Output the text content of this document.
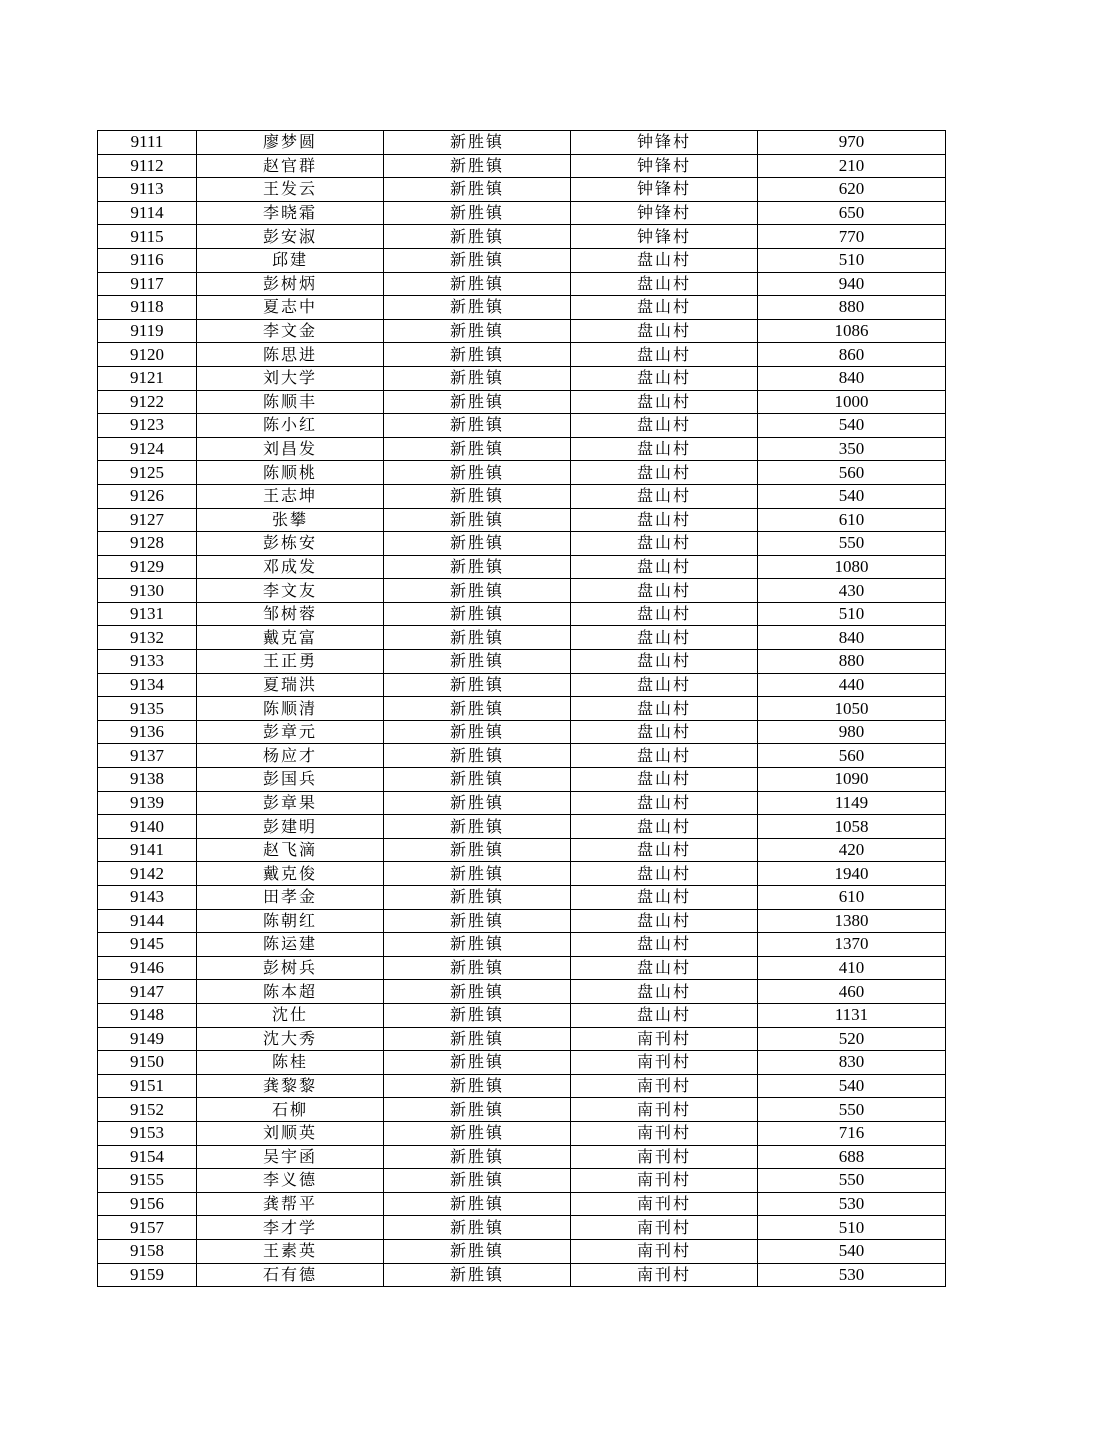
9111	廖梦圆	新胜镇	钟锋村	970
9112	赵官群	新胜镇	钟锋村	210
9113	王发云	新胜镇	钟锋村	620
9114	李晓霜	新胜镇	钟锋村	650
9115	彭安淑	新胜镇	钟锋村	770
9116	邱建	新胜镇	盘山村	510
9117	彭树炳	新胜镇	盘山村	940
9118	夏志中	新胜镇	盘山村	880
9119	李文金	新胜镇	盘山村	1086
9120	陈思进	新胜镇	盘山村	860
9121	刘大学	新胜镇	盘山村	840
9122	陈顺丰	新胜镇	盘山村	1000
9123	陈小红	新胜镇	盘山村	540
9124	刘昌发	新胜镇	盘山村	350
9125	陈顺桃	新胜镇	盘山村	560
9126	王志坤	新胜镇	盘山村	540
9127	张攀	新胜镇	盘山村	610
9128	彭栋安	新胜镇	盘山村	550
9129	邓成发	新胜镇	盘山村	1080
9130	李文友	新胜镇	盘山村	430
9131	邹树蓉	新胜镇	盘山村	510
9132	戴克富	新胜镇	盘山村	840
9133	王正勇	新胜镇	盘山村	880
9134	夏瑞洪	新胜镇	盘山村	440
9135	陈顺清	新胜镇	盘山村	1050
9136	彭章元	新胜镇	盘山村	980
9137	杨应才	新胜镇	盘山村	560
9138	彭国兵	新胜镇	盘山村	1090
9139	彭章果	新胜镇	盘山村	1149
9140	彭建明	新胜镇	盘山村	1058
9141	赵飞滴	新胜镇	盘山村	420
9142	戴克俊	新胜镇	盘山村	1940
9143	田孝金	新胜镇	盘山村	610
9144	陈朝红	新胜镇	盘山村	1380
9145	陈运建	新胜镇	盘山村	1370
9146	彭树兵	新胜镇	盘山村	410
9147	陈本超	新胜镇	盘山村	460
9148	沈仕	新胜镇	盘山村	1131
9149	沈大秀	新胜镇	南刊村	520
9150	陈桂	新胜镇	南刊村	830
9151	龚黎黎	新胜镇	南刊村	540
9152	石柳	新胜镇	南刊村	550
9153	刘顺英	新胜镇	南刊村	716
9154	吴宇函	新胜镇	南刊村	688
9155	李义德	新胜镇	南刊村	550
9156	龚帮平	新胜镇	南刊村	530
9157	李才学	新胜镇	南刊村	510
9158	王素英	新胜镇	南刊村	540
9159	石有德	新胜镇	南刊村	530
